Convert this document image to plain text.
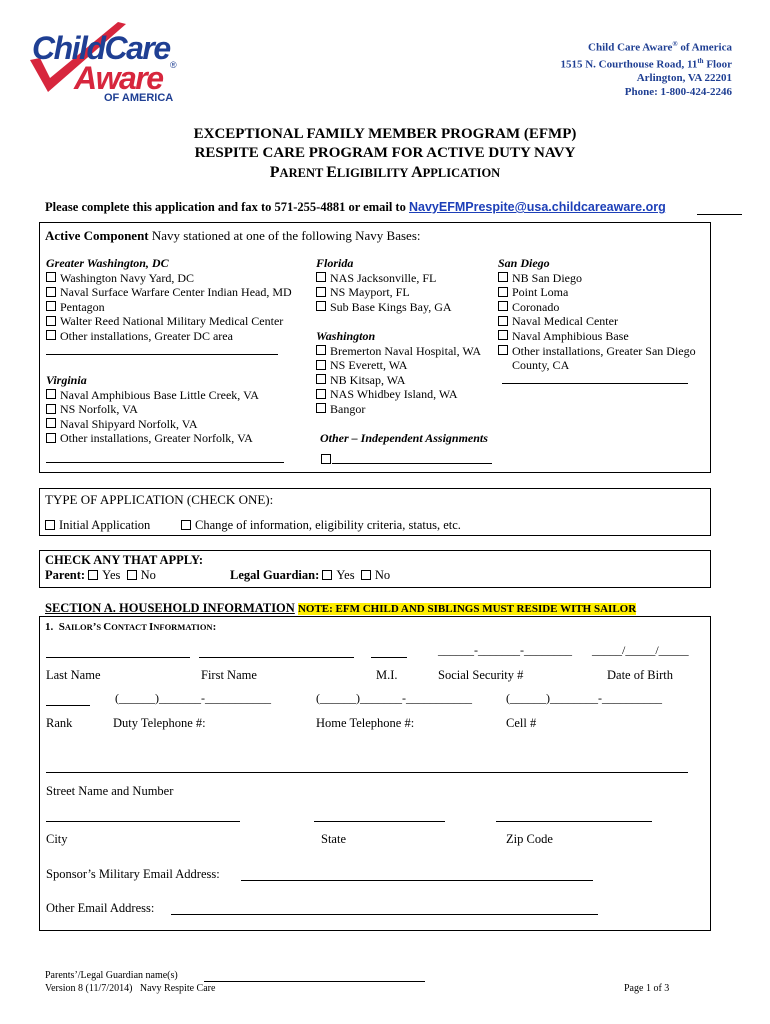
ChildCare
Aware ®
OF AMERICA
Child Care Aware® of America
1515 N. Courthouse Road, 11th Floor
Arlington, VA 22201
Phone: 1-800-424-2246
EXCEPTIONAL FAMILY MEMBER PROGRAM (EFMP)
RESPITE CARE PROGRAM FOR ACTIVE DUTY NAVY
PARENT ELIGIBILITY APPLICATION
Please complete this application and fax to 571-255-4881 or email to NavyEFMPrespite@usa.childcareaware.org
Active Component Navy stationed at one of the following Navy Bases:
Greater Washington, DC
Washington Navy Yard, DC
Naval Surface Warfare Center Indian Head, MD
Pentagon
Walter Reed National Military Medical Center
Other installations, Greater DC area
Virginia
Naval Amphibious Base Little Creek, VA
NS Norfolk, VA
Naval Shipyard Norfolk, VA
Other installations, Greater Norfolk, VA
Florida
NAS Jacksonville, FL
NS Mayport, FL
Sub Base Kings Bay, GA
Washington
Bremerton Naval Hospital, WA
NS Everett, WA
NB Kitsap, WA
NAS Whidbey Island, WA
Bangor
Other – Independent Assignments
San Diego
NB San Diego
Point Loma
Coronado
Naval Medical Center
Naval Amphibious Base
Other installations, Greater San Diego
County, CA
TYPE OF APPLICATION (CHECK ONE):
Initial Application	Change of information, eligibility criteria, status, etc.
CHECK ANY THAT APPLY:
Parent: Yes No	Legal Guardian: Yes No
SECTION A. HOUSEHOLD INFORMATION NOTE: EFM CHILD AND SIBLINGS MUST RESIDE WITH SAILOR
1. SAILOR’S CONTACT INFORMATION:
______-_______-________ _____/_____/_____
Last Name	First Name	M.I.	Social Security #	Date of Birth
(______)_______-___________	(______)_______-___________	(______)________-__________
Rank	Duty Telephone #:	Home Telephone #:	Cell #
Street Name and Number
City	State	Zip Code
Sponsor’s Military Email Address:
Other Email Address:
Parents’/Legal Guardian name(s)
Version 8 (11/7/2014)   Navy Respite Care	Page 1 of 3
